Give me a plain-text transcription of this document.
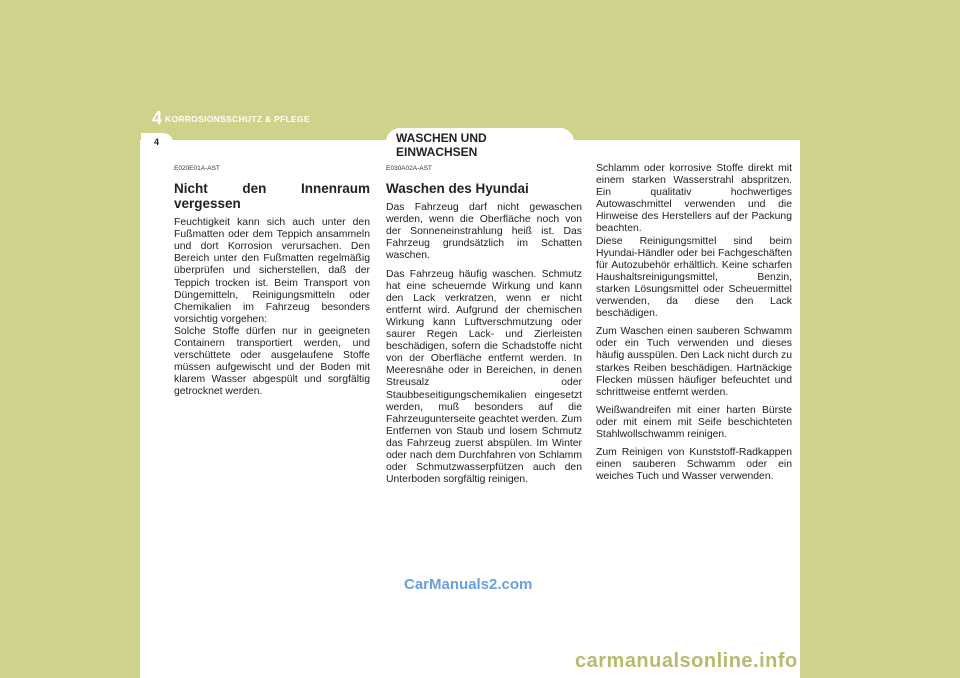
4 KORROSIONSSCHUTZ & PFLEGE
4	WASCHEN UND EINWACHSEN

E020E01A-AST

Nicht den Innenraum vergessen

Feuchtigkeit kann sich auch unter den Fußmatten oder dem Teppich ansammeln und dort Korrosion verursachen. Den Bereich unter den Fußmatten regelmäßig überprüfen und sicherstellen, daß der Teppich trocken ist. Beim Transport von Düngemitteln, Reinigungsmitteln oder Chemikalien im Fahrzeug besonders vorsichtig vorgehen:
Solche Stoffe dürfen nur in geeigneten Containern transportiert werden, und verschüttete oder ausgelaufene Stoffe müssen aufgewischt und der Boden mit klarem Wasser abgespült und sorgfältig getrocknet werden.

E030A02A-AST

Waschen des Hyundai

Das Fahrzeug darf nicht gewaschen werden, wenn die Oberfläche noch von der Sonneneinstrahlung heiß ist. Das Fahrzeug grundsätzlich im Schatten waschen.

Das Fahrzeug häufig waschen. Schmutz hat eine scheuernde Wirkung und kann den Lack verkratzen, wenn er nicht entfernt wird. Aufgrund der chemischen Wirkung kann Luftverschmutzung oder saurer Regen Lack- und Zierleisten beschädigen, sofern die Schadstoffe nicht von der Oberfläche entfernt werden. In Meeresnähe oder in Bereichen, in denen Streusalz oder Staubbeseitigungschemikalien eingesetzt werden, muß besonders auf die Fahrzeugunterseite geachtet werden. Zum Entfernen von Staub und losem Schmutz das Fahrzeug zuerst abspülen. Im Winter oder nach dem Durchfahren von Schlamm oder Schmutzwasserpfützen auch den Unterboden sorgfältig reinigen.

Schlamm oder korrosive Stoffe direkt mit einem starken Wasserstrahl abspritzen. Ein qualitativ hochwertiges Autowaschmittel verwenden und die Hinweise des Herstellers auf der Packung beachten.
Diese Reinigungsmittel sind beim Hyundai-Händler oder bei Fachgeschäften für Autozubehör erhältlich. Keine scharfen Haushaltsreinigungsmittel, Benzin, starken Lösungsmittel oder Scheuermittel verwenden, da diese den Lack beschädigen.

Zum Waschen einen sauberen Schwamm oder ein Tuch verwenden und dieses häufig ausspülen. Den Lack nicht durch zu starkes Reiben beschädigen. Hartnäckige Flecken müssen häufiger befeuchtet und schrittweise entfernt werden.

Weißwandreifen mit einer harten Bürste oder mit einem mit Seife beschichteten Stahlwollschwamm reinigen.

Zum Reinigen von Kunststoff-Radkappen einen sauberen Schwamm oder ein weiches Tuch und Wasser verwenden.

CarManuals2.com
carmanualsonline.info
